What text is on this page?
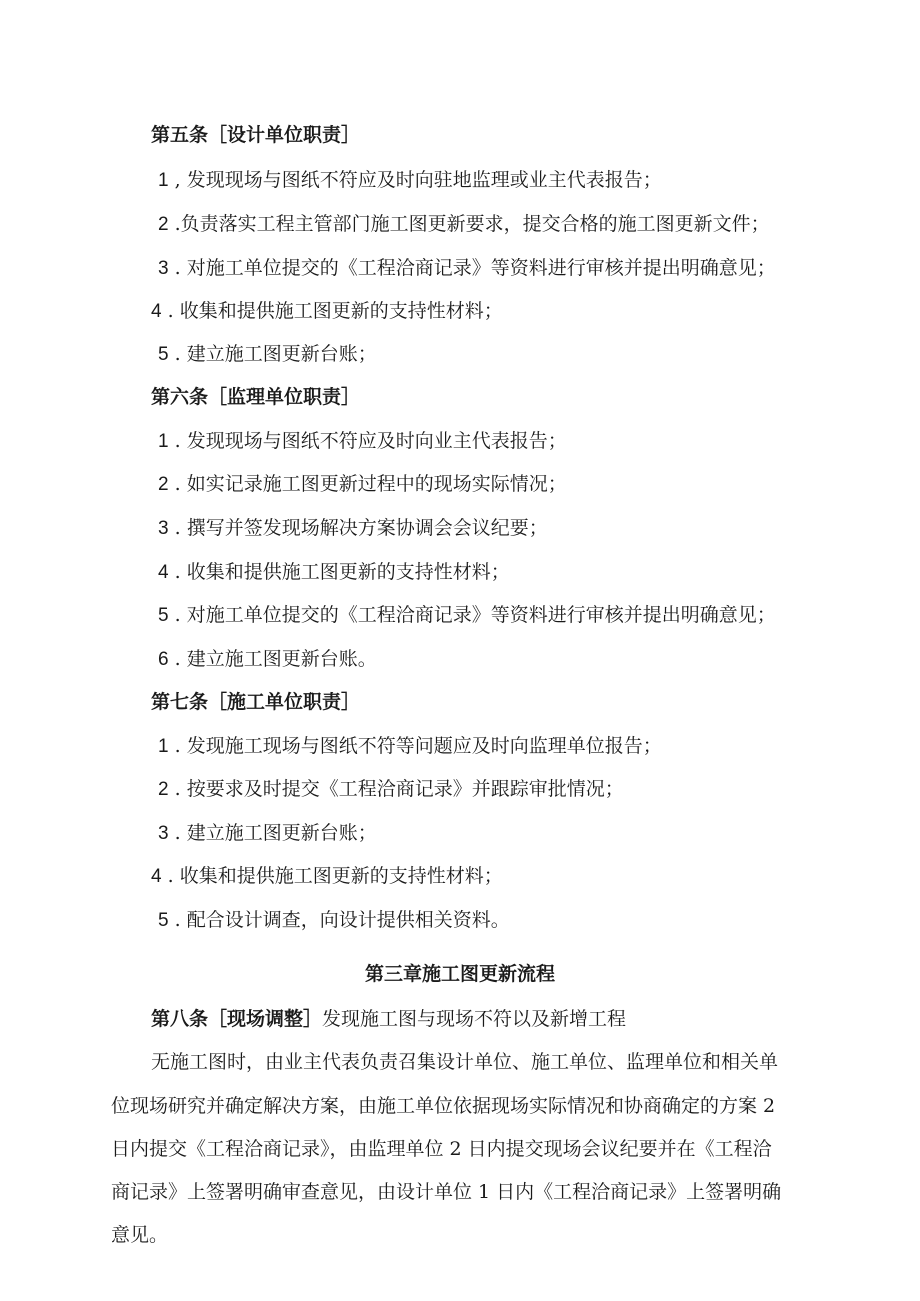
第五条［设计单位职责］
1 , 发现现场与图纸不符应及时向驻地监理或业主代表报告；
2 .负责落实工程主管部门施工图更新要求，提交合格的施工图更新文件；
3 . 对施工单位提交的《工程洽商记录》等资料进行审核并提出明确意见；
4 . 收集和提供施工图更新的支持性材料；
5 . 建立施工图更新台账；
第六条［监理单位职责］
1 . 发现现场与图纸不符应及时向业主代表报告；
2 . 如实记录施工图更新过程中的现场实际情况；
3 . 撰写并签发现场解决方案协调会会议纪要；
4 . 收集和提供施工图更新的支持性材料；
5 . 对施工单位提交的《工程洽商记录》等资料进行审核并提出明确意见；
6 . 建立施工图更新台账。
第七条［施工单位职责］
1 . 发现施工现场与图纸不符等问题应及时向监理单位报告；
2 . 按要求及时提交《工程洽商记录》并跟踪审批情况；
3 . 建立施工图更新台账；
4 . 收集和提供施工图更新的支持性材料；
5 . 配合设计调查，向设计提供相关资料。
第三章施工图更新流程
第八条［现场调整］发现施工图与现场不符以及新增工程
无施工图时，由业主代表负责召集设计单位、施工单位、监理单位和相关单
位现场研究并确定解决方案，由施工单位依据现场实际情况和协商确定的方案 2
日内提交《工程洽商记录》，由监理单位 2 日内提交现场会议纪要并在《工程洽
商记录》上签署明确审查意见，由设计单位 1 日内《工程洽商记录》上签署明确
意见。
